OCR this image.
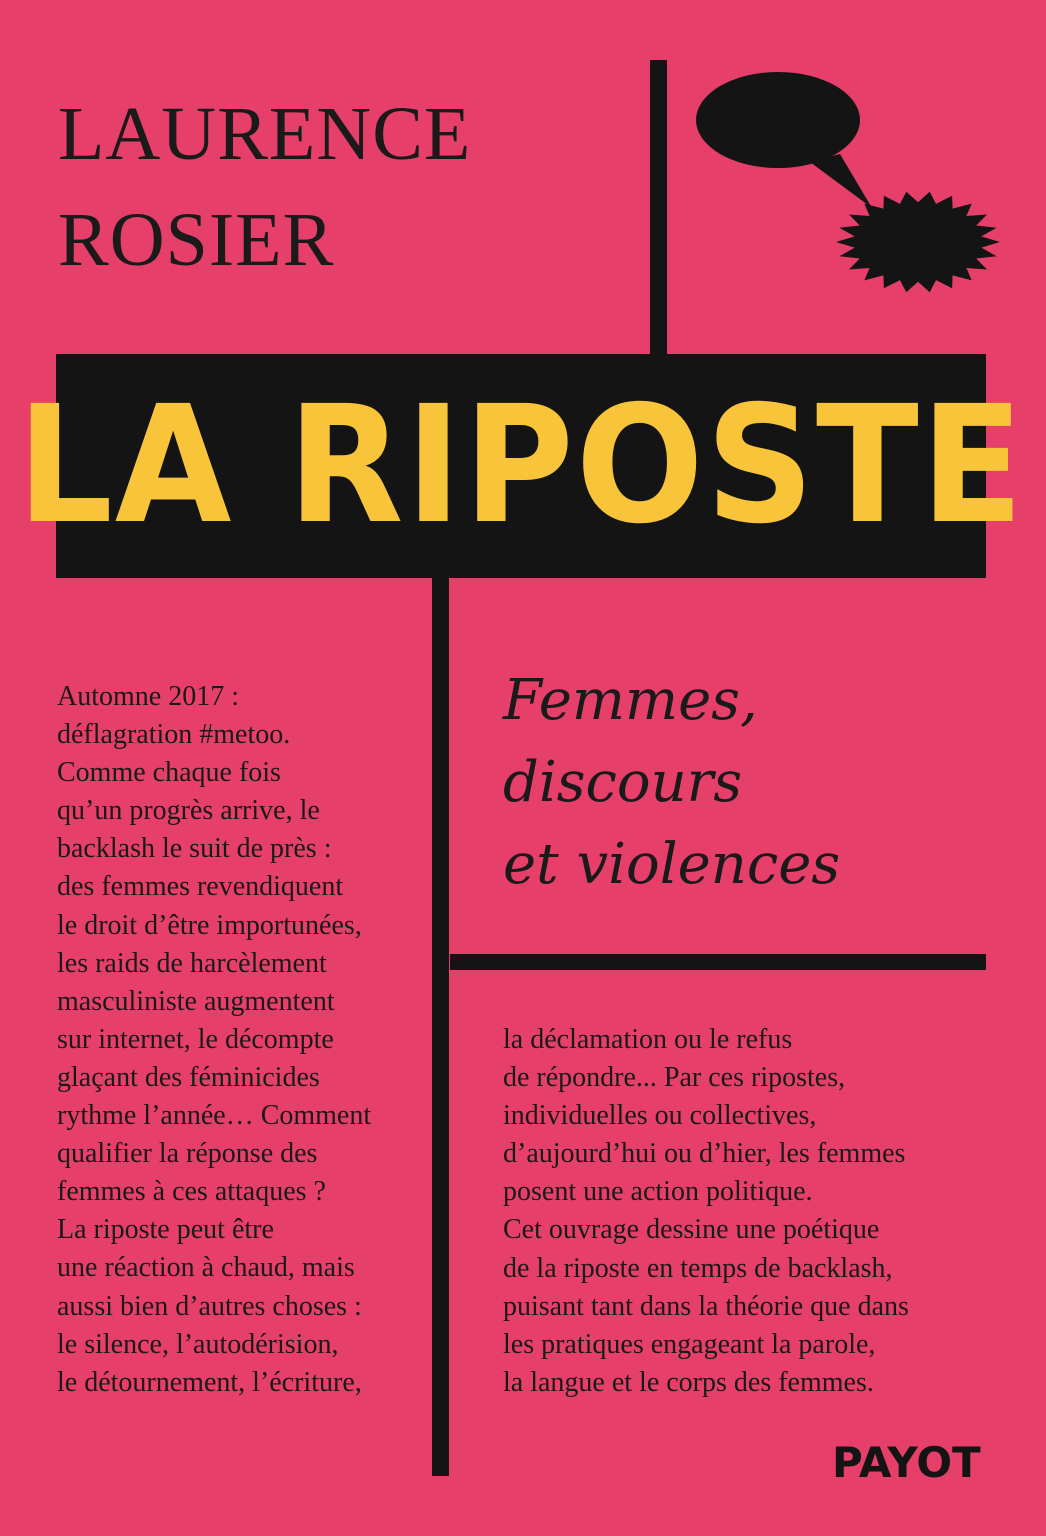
LAURENCE
ROSIER
LA RIPOSTE
Femmes,
discours
et violences
Automne 2017 :
déflagration #metoo.
Comme chaque fois
qu’un progrès arrive, le
backlash le suit de près :
des femmes revendiquent
le droit d’être importunées,
les raids de harcèlement
masculiniste augmentent
sur internet, le décompte
glaçant des féminicides
rythme l’année… Comment
qualifier la réponse des
femmes à ces attaques ?
La riposte peut être
une réaction à chaud, mais
aussi bien d’autres choses :
le silence, l’autodérision,
le détournement, l’écriture,
la déclamation ou le refus
de répondre... Par ces ripostes,
individuelles ou collectives,
d’aujourd’hui ou d’hier, les femmes
posent une action politique.
Cet ouvrage dessine une poétique
de la riposte en temps de backlash,
puisant tant dans la théorie que dans
les pratiques engageant la parole,
la langue et le corps des femmes.
PAYOT
